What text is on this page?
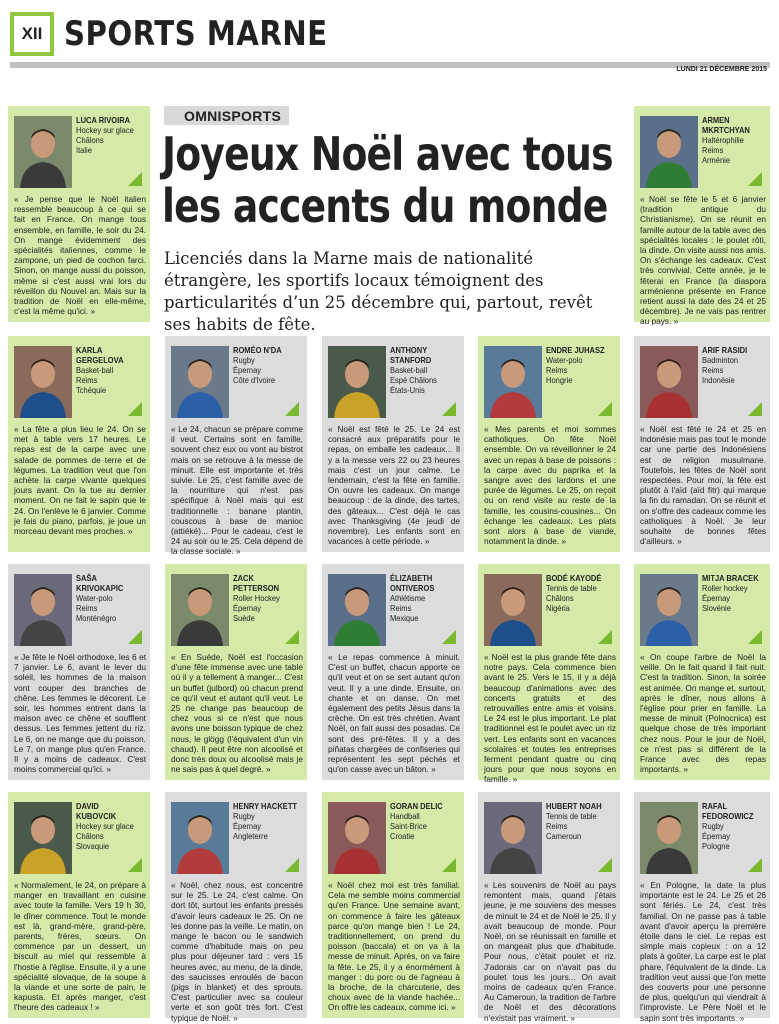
XII SPORTS MARNE
LUNDI 21 DÉCEMBRE 2015
OMNISPORTS
Joyeux Noël avec tous
les accents du monde
Licenciés dans la Marne mais de nationalité étrangère, les sportifs locaux témoignent des particularités d’un 25 décembre qui, partout, revêt ses habits de fête.
LUCA RIVOIRA
Hockey sur glace
Châlons
Italie
« Je pense que le Noël italien ressemble beaucoup à ce qui se fait en France. On mange tous ensemble, en famille, le soir du 24. On mange évidemment des spécialités italiennes, comme le zampone, un pied de cochon farci. Sinon, on mange aussi du poisson, même si c'est aussi vrai lors du réveillon du Nouvel an. Mais sur la tradition de Noël en elle-même, c'est la même qu'ici. »
ARMEN MKRTCHYAN
Haltérophilie
Reims
Arménie
« Noël se fête le 5 et 6 janvier (tradition antique du Christianisme). On se réunit en famille autour de la table avec des spécialités locales : le poulet rôti, la dinde. On visite aussi nos amis. On s'échange les cadeaux. C'est très convivial. Cette année, je le fêterai en France (la diaspora arménienne présente en France retient aussi la date des 24 et 25 décembre). Je ne vais pas rentrer au pays. »
KARLA GERGELOVA
Basket-ball
Reims
Tchéquie
« La fête a plus lieu le 24. On se met à table vers 17 heures. Le repas est de la carpe avec une salade de pommes de terre et de légumes. La tradition veut que l'on achète la carpe vivante quelques jours avant. On la tue au dernier moment. On ne fait le sapin que le 24. On l'enlève le 6 janvier. Comme je fais du piano, parfois, je joue un morceau devant mes proches. »
ROMÉO N'DA
Rugby
Épernay
Côte d'Ivoire
« Le 24, chacun se prépare comme il veut. Certains sont en famille, souvent chez eux ou vont au bistrot mais on se retrouve à la messe de minuit. Elle est importante et très suivie. Le 25, c'est famille avec de la nourriture qui n'est pas spécifique à Noël mais qui est traditionnelle : banane plantin, couscous à base de manioc (attiéké)... Pour le cadeau, c'est le 24 au soir ou le 25. Cela dépend de la classe sociale. »
ANTHONY STANFORD
Basket-ball
Espé Châlons
États-Unis
« Noël est fêté le 25. Le 24 est consacré aux préparatifs pour le repas, on emballe les cadeaux... Il y a la messe vers 22 ou 23 heures mais c'est un jour calme. Le lendemain, c'est la fête en famille. On ouvre les cadeaux. On mange beaucoup : de la dinde, des tartes, des gâteaux... C'est déjà le cas avec Thanksgiving (4e jeudi de novembre). Les enfants sont en vacances à cette période. »
ENDRE JUHASZ
Water-polo
Reims
Hongrie
« Mes parents et moi sommes catholiques. On fête Noël ensemble. On va réveillonner le 24 avec un repas à base de poissons : la carpe avec du paprika et la sangre avec des lardons et une purée de légumes. Le 25, on reçoit ou on rend visite au reste de la famille, les cousins-cousines... On échange les cadeaux. Les plats sont alors à base de viande, notamment la dinde. »
ARIF RASIDI
Badminton
Reims
Indonésie
« Noël est fêté le 24 et 25 en Indonésie mais pas tout le monde car une partie des Indonésiens est de religion musulmane. Toutefois, les fêtes de Noël sont respectées. Pour moi, la fête est plutôt à l'aïd (aïd fitr) qui marque la fin du ramadan. On se réunit et on s'offre des cadeaux comme les catholiques à Noël. Je leur souhaite de bonnes fêtes d'ailleurs. »
SAŠA KRIVOKAPIC
Water-polo
Reims
Monténégro
« Je fête le Noël orthodoxe, les 6 et 7 janvier. Le 6, avant le lever du soleil, les hommes de la maison vont couper des branches de chêne. Les femmes le décorent. Le soir, les hommes entrent dans la maison avec ce chêne et soufflent dessus. Les femmes jettent du riz. Le 6, on ne mange que du poisson. Le 7, on mange plus qu'en France. Il y a moins de cadeaux. C'est moins commercial qu'ici. »
ZACK PETTERSON
Roller Hockey
Épernay
Suède
« En Suède, Noël est l'occasion d'une fête immense avec une table où il y a tellement à manger... C'est un buffet (julbord) où chacun prend ce qu'il veut et autant qu'il veut. Le 25 ne change pas beaucoup de chez vous si ce n'est que nous avons une boisson typique de chez nous, le glögg (l'équivalent d'un vin chaud). Il peut être non alcoolisé et donc très doux ou alcoolisé mais je ne sais pas à quel degré. »
ÉLIZABETH ONTIVEROS
Athlétisme
Reims
Mexique
« Le repas commence à minuit. C'est un buffet, chacun apporte ce qu'il veut et on se sert autant qu'on veut. Il y a une dinde. Ensuite, on chante et on danse. On met également des petits Jésus dans la crèche. On est très chrétien. Avant Noël, on fait aussi des posadas. Ce sont des pré-fêtes. Il y a des piñatas chargées de confiseries qui représentent les sept péchés et qu'on casse avec un bâton. »
BODÉ KAYODÉ
Tennis de table
Châlons
Nigéria
« Noël est la plus grande fête dans notre pays. Cela commence bien avant le 25. Vers le 15, il y a déjà beaucoup d'animations avec des concerts gratuits et des retrouvailles entre amis et voisins. Le 24 est le plus important. Le plat traditionnel est le poulet avec un riz vert. Les enfants sont en vacances scolaires et toutes les entreprises ferment pendant quatre ou cinq jours pour que nous soyons en famille. »
MITJA BRACEK
Roller hockey
Épernay
Slovénie
« On coupe l'arbre de Noël la veille. On le fait quand il fait nuit. C'est la tradition. Sinon, la soirée est animée. On mange et, surtout, après le dîner, nous allons à l'église pour prier en famille. La messe de minuit (Polnocnica) est quelque chose de très important chez nous. Pour le jour de Noël, ce n'est pas si différent de la France avec des repas importants. »
DAVID KUBOVCIK
Hockey sur glace
Châlons
Slovaquie
« Normalement, le 24, on prépare à manger en travaillant en cuisine avec toute la famille. Vers 19 h 30, le dîner commence. Tout le monde est là, grand-mère, grand-père, parents, frères, sœurs. On commence par un dessert, un biscuit au miel qui ressemble à l'hostie à l'église. Ensuite, il y a une spécialité slovaque, de la soupe à la viande et une sorte de pain, le kapusta. Et après manger, c'est l'heure des cadeaux ! »
HENRY HACKETT
Rugby
Épernay
Angleterre
« Noël, chez nous, est concentré sur le 25. Le 24, c'est calme. On dort tôt, surtout les enfants pressés d'avoir leurs cadeaux le 25. On ne les donne pas la veille. Le matin, on mange le bacon ou le sandwich comme d'habitude mais on peu plus pour déjeuner tard : vers 15 heures avec, au menu, de la dinde, des saucisses enroulés de bacon (pigs in blanket) et des sprouts. C'est particulier avec sa couleur verte et son goût très fort. C'est typique de Noël. »
GORAN DELIC
Handball
Saint-Brice
Croatie
« Noël chez moi est très familial. Cela me semble moins commercial qu'en France. Une semaine avant, on commence à faire les gâteaux parce qu'on mange bien ! Le 24, traditionnellement, on prend du poisson (baccala) et on va à la messe de minuit. Après, on va faire la fête. Le 25, il y a énormément à manger : du porc ou de l'agneau à la broche, de la charcuterie, des choux avec de la viande hachée... On offre les cadeaux, comme ici. »
HUBERT NOAH
Tennis de table
Reims
Cameroun
« Les souvenirs de Noël au pays remontent mais, quand j'étais jeune, je me souviens des messes de minuit le 24 et de Noël le 25. Il y avait beaucoup de monde. Pour Noël, on se réunissait en famille et on mangeait plus que d'habitude. Pour nous, c'était poulet et riz. J'adorais car on n'avait pas du poulet tous les jours... On avait moins de cadeaux qu'en France. Au Cameroun, la tradition de l'arbre de Noël et des décorations n'existait pas vraiment. »
RAFAL FEDOROWICZ
Rugby
Épernay
Pologne
« En Pologne, la date la plus importante est le 24. Le 25 et 26 sont fériés. Le 24, c'est très familial. On ne passe pas à table avant d'avoir aperçu la première étoile dans le ciel. Le repas est simple mais copieux : on a 12 plats à goûter. La carpe est le plat phare, l'équivalent de la dinde. La tradition veut aussi que l'on mette des couverts pour une personne de plus, quelqu'un qui viendrait à l'improviste. Le Père Noël et le sapin sont très importants. »
